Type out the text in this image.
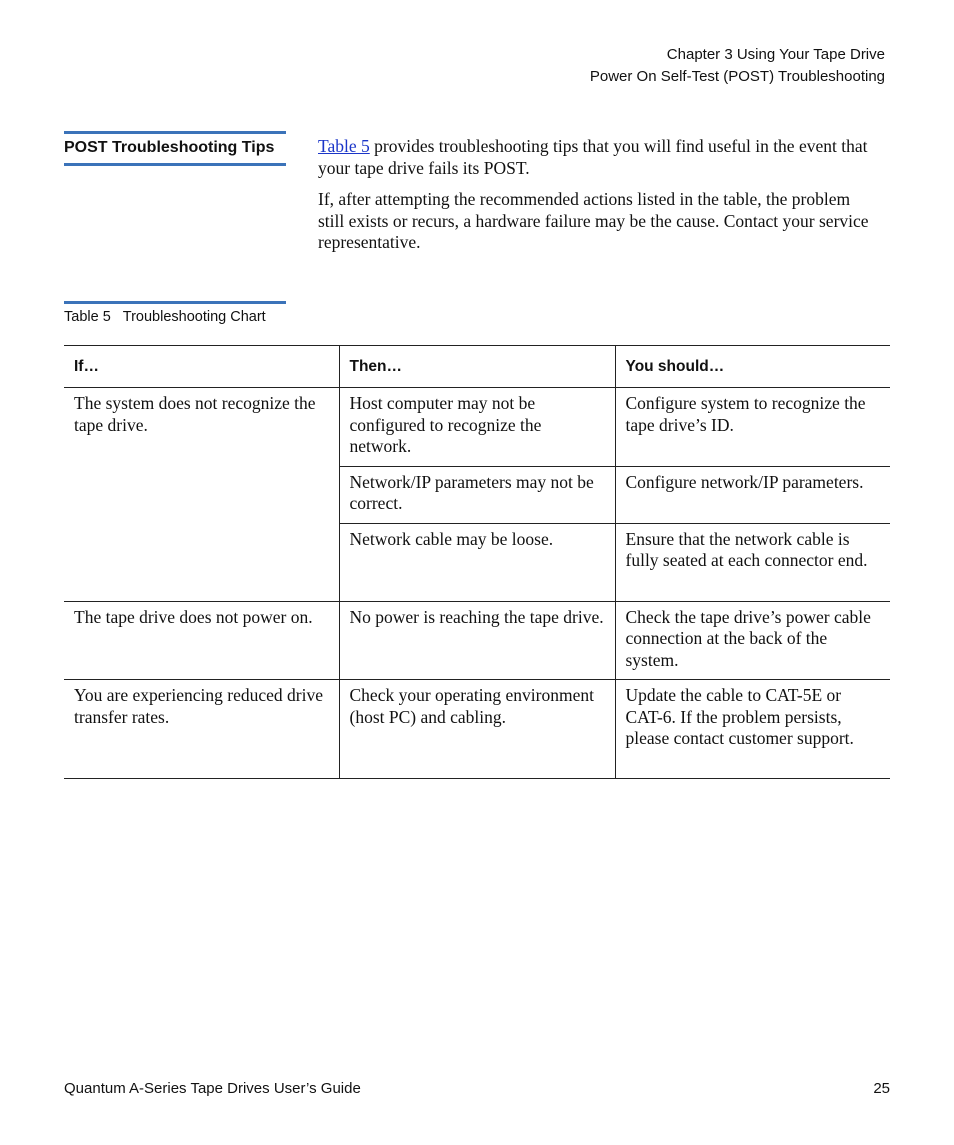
Chapter 3 Using Your Tape Drive
Power On Self-Test (POST) Troubleshooting
POST Troubleshooting Tips	Table 5 provides troubleshooting tips that you will find useful in the event that your tape drive fails its POST.

If, after attempting the recommended actions listed in the table, the problem still exists or recurs, a hardware failure may be the cause. Contact your service representative.

Table 5 Troubleshooting Chart
If…	Then…	You should…
The system does not recognize the tape drive.	Host computer may not be configured to recognize the network.	Configure system to recognize the tape drive’s ID.
	Network/IP parameters may not be correct.	Configure network/IP parameters.
	Network cable may be loose.	Ensure that the network cable is fully seated at each connector end.
The tape drive does not power on.	No power is reaching the tape drive.	Check the tape drive’s power cable connection at the back of the system.
You are experiencing reduced drive transfer rates.	Check your operating environment (host PC) and cabling.	Update the cable to CAT-5E or CAT-6. If the problem persists, please contact customer support.
Quantum A-Series Tape Drives User’s Guide	25
